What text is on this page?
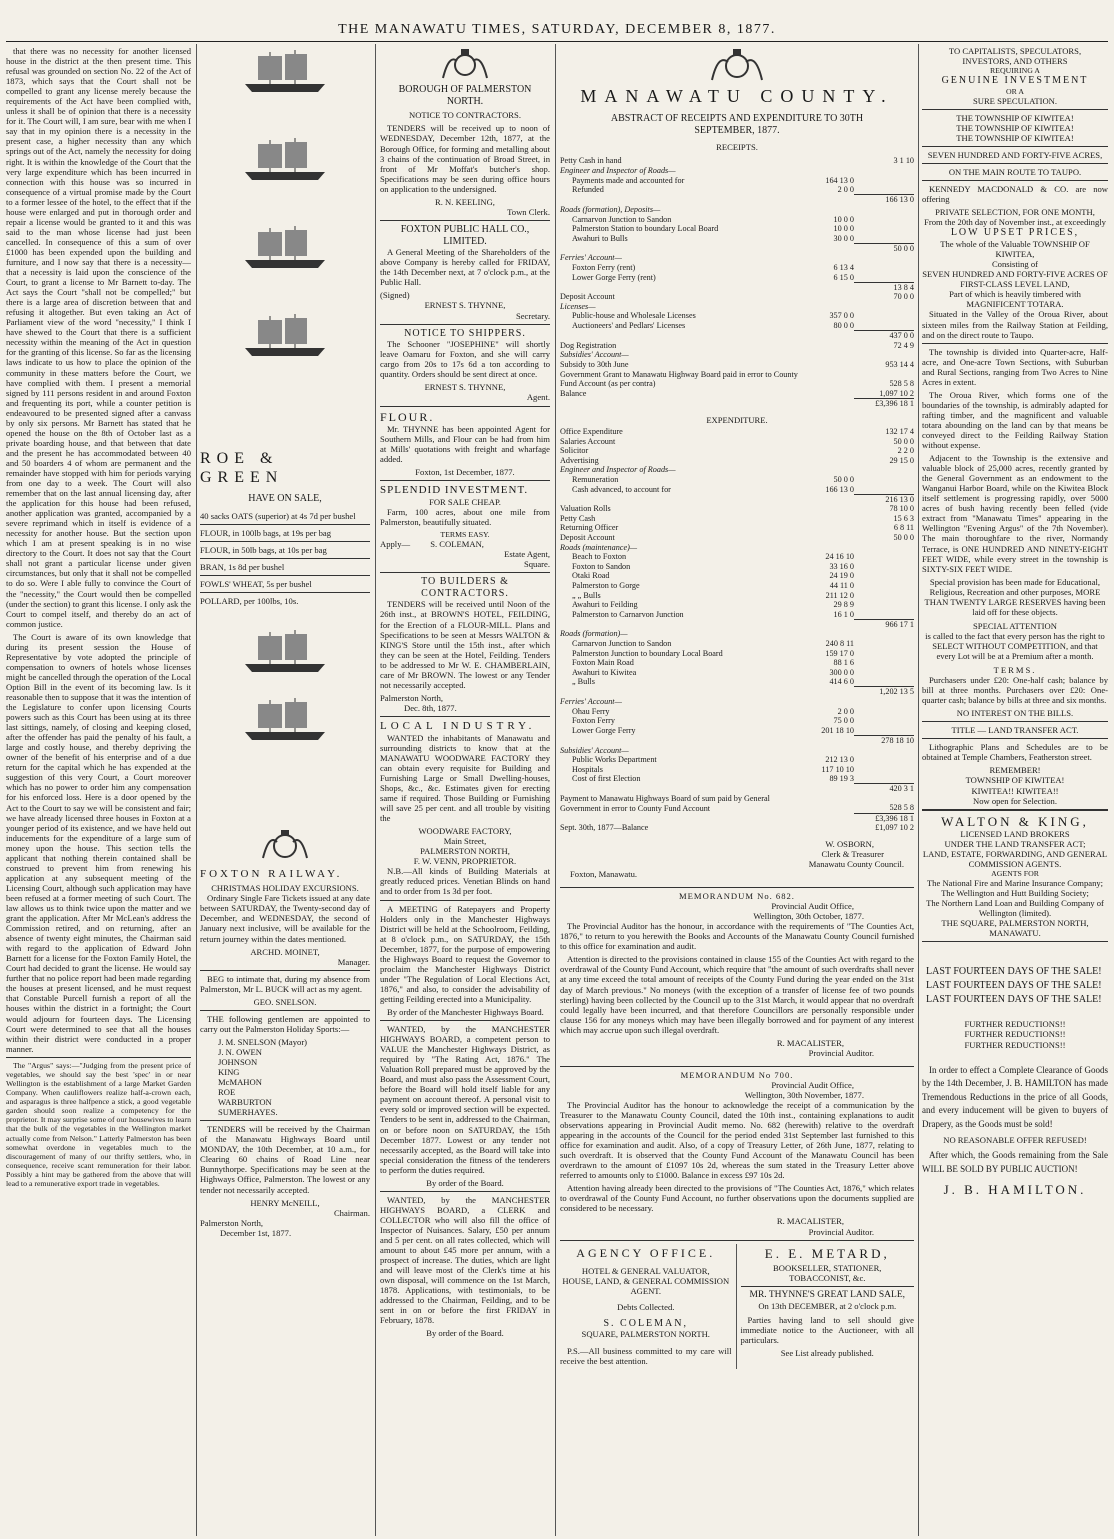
THE MANAWATU TIMES, SATURDAY, DECEMBER 8, 1877.

that there was no necessity for another licensed house in the district at the then present time. This refusal was grounded on section No. 22 of the Act of 1873, which says that the Court shall not be compelled to grant any license merely because the requirements of the Act have been complied with, unless it shall be of opinion that there is a necessity for it. The Court will, I am sure, bear with me when I say that in my opinion there is a necessity in the present case, a higher necessity than any which springs out of the Act, namely the necessity for doing right. It is within the knowledge of the Court that the very large expenditure which has been incurred in connection with this house was so incurred in consequence of a virtual promise made by the Court to a former lessee of the hotel, to the effect that if the house were enlarged and put in thorough order and repair a license would be granted to it and this was said to the man whose license had just been cancelled. In consequence of this a sum of over £1000 has been expended upon the building and furniture, and I now say that there is a necessity—that a necessity is laid upon the conscience of the Court, to grant a license to Mr Barnett to-day. The Act says the Court "shall not be compelled;" but there is a large area of discretion between that and refusing it altogether. But even taking an Act of Parliament view of the word "necessity," I think I have shewed to the Court that there is a sufficient necessity within the meaning of the Act in question for the granting of this license. So far as the licensing laws indicate to us how to place the opinion of the community in these matters before the Court, we have complied with them. I present a memorial signed by 111 persons resident in and around Foxton and frequenting its port, while a counter petition is endeavoured to be presented signed after a canvass by only six persons. Mr Barnett has stated that he opened the house on the 8th of October last as a private boarding house, and that between that date and the present he has accommodated between 40 and 50 boarders 4 of whom are permanent and the remainder have stopped with him for periods varying from one day to a week. The Court will also remember that on the last annual licensing day, after the application for this house had been refused, another application was granted, accompanied by a severe reprimand which in itself is evidence of a necessity for another house. But the section upon which I am at present speaking is in no wise directory to the Court. It does not say that the Court shall not grant a particular license under given circumstances, but only that it shall not be compelled to do so. Were I able fully to convince the Court of the "necessity," the Court would then be compelled (under the section) to grant this license. I only ask the Court to compel itself, and thereby do an act of common justice.

The Court is aware of its own knowledge that during its present session the House of Representative by vote adopted the principle of compensation to owners of hotels whose licenses might be cancelled through the operation of the Local Option Bill in the event of its becoming law. Is it reasonable then to suppose that it was the intention of the Legislature to confer upon licensing Courts powers such as this Court has been using at its three last sittings, namely, of closing and keeping closed, after the offender has paid the penalty of his fault, a large and costly house, and thereby depriving the owner of the benefit of his enterprise and of a due return for the capital which he has expended at the suggestion of this very Court, a Court moreover which has no power to order him any compensation for his enforced loss. Here is a door opened by the Act to the Court to say we will be consistent and fair; we have already licensed three houses in Foxton at a younger period of its existence, and we have held out inducements for the expenditure of a large sum of money upon the house. This section tells the applicant that nothing therein contained shall be construed to prevent him from renewing his application at any subsequent meeting of the Licensing Court, although such application may have been refused at a former meeting of such Court. The law allows us to think twice upon the matter and we grant the application. After Mr McLean's address the Commission retired, and on returning, after an absence of twenty eight minutes, the Chairman said with regard to the application of Edward John Barnett for a license for the Foxton Family Hotel, the Court had decided to grant the license. He would say further that no police report had been made regarding the houses at present licensed, and he must request that Constable Purcell furnish a report of all the houses within the district in a fortnight; the Court would adjourn for fourteen days. The Licensing Court were determined to see that all the houses within their district were conducted in a proper manner.

The "Argus" says:—"Judging from the present price of vegetables, we should say the best 'spec' in or near Wellington is the establishment of a large Market Garden Company. When cauliflowers realize half-a-crown each, and asparagus is three halfpence a stick, a good vegetable garden should soon realize a competency for the proprietor. It may surprise some of our housewives to learn that the bulk of the vegetables in the Wellington market actually come from Nelson." Latterly Palmerston has been somewhat overdone in vegetables much to the discouragement of many of our thrifty settlers, who, in consequence, receive scant remuneration for their labor. Possibly a hint may be gathered from the above that will lead to a remunerative export trade in vegetables.

ROE & GREEN
HAVE ON SALE,
40 sacks OATS (superior) at 4s 7d per bushel
FLOUR, in 100lb bags, at 19s per bag
FLOUR, in 50lb bags, at 10s per bag
BRAN, 1s 8d per bushel
FOWLS' WHEAT, 5s per bushel
POLLARD, per 100lbs, 10s.
FOXTON RAILWAY.
CHRISTMAS HOLIDAY EXCURSIONS.

Ordinary Single Fare Tickets issued at any date between SATURDAY, the Twenty-second day of December, and WEDNESDAY, the second of January next inclusive, will be available for the return journey within the dates mentioned.

ARCHD. MOINET,
Manager.

BEG to intimate that, during my absence from Palmerston, Mr L. BUCK will act as my agent.

GEO. SNELSON.

THE following gentlemen are appointed to carry out the Palmerston Holiday Sports:—

J. M. SNELSON (Mayor)
J. N. OWEN
JOHNSON
KING
McMAHON
ROE
WARBURTON
SUMERHAYES.

TENDERS will be received by the Chairman of the Manawatu Highways Board until MONDAY, the 10th December, at 10 a.m., for Clearing 60 chains of Road Line near Bunnythorpe. Specifications may be seen at the Highways Office, Palmerston. The lowest or any tender not necessarily accepted.

HENRY McNEILL,
Chairman.
Palmerston North,
December 1st, 1877.
BOROUGH OF PALMERSTON NORTH.
NOTICE TO CONTRACTORS.

TENDERS will be received up to noon of WEDNESDAY, December 12th, 1877, at the Borough Office, for forming and metalling about 3 chains of the continuation of Broad Street, in front of Mr Moffat's butcher's shop. Specifications may be seen during office hours on application to the undersigned.

R. N. KEELING,
Town Clerk.
FOXTON PUBLIC HALL CO., LIMITED.

A General Meeting of the Shareholders of the above Company is hereby called for FRIDAY, the 14th December next, at 7 o'clock p.m., at the Public Hall.

(Signed)
ERNEST S. THYNNE,
Secretary.
NOTICE TO SHIPPERS.

The Schooner "JOSEPHINE" will shortly leave Oamaru for Foxton, and she will carry cargo from 20s to 17s 6d a ton according to quantity. Orders should be sent direct at once.

ERNEST S. THYNNE,
Agent.
FLOUR.

Mr. THYNNE has been appointed Agent for Southern Mills, and Flour can be had from him at Mills' quotations with freight and wharfage added.

Foxton, 1st December, 1877.
SPLENDID INVESTMENT.
FOR SALE CHEAP.

Farm, 100 acres, about one mile from Palmerston, beautifully situated.

TERMS EASY.
Apply— S. COLEMAN,
Estate Agent,
Square.
TO BUILDERS & CONTRACTORS.

TENDERS will be received until Noon of the 26th inst., at BROWN'S HOTEL, FEILDING, for the Erection of a FLOUR-MILL. Plans and Specifications to be seen at Messrs WALTON & KING'S Store until the 15th inst., after which they can be seen at the Hotel, Feilding. Tenders to be addressed to Mr W. E. CHAMBERLAIN, care of Mr BROWN. The lowest or any Tender not necessarily accepted.

Palmerston North,
Dec. 8th, 1877.
LOCAL INDUSTRY.

WANTED the inhabitants of Manawatu and surrounding districts to know that at the MANAWATU WOODWARE FACTORY they can obtain every requisite for Building and Furnishing Large or Small Dwelling-houses, Shops, &c., &c. Estimates given for erecting same if required. Those Building or Furnishing will save 25 per cent. and all trouble by visiting the

WOODWARE FACTORY,
Main Street,
PALMERSTON NORTH,
F. W. VENN, PROPRIETOR.

N.B.—All kinds of Building Materials at greatly reduced prices. Venetian Blinds on hand and to order from 1s 3d per foot.

A MEETING of Ratepayers and Property Holders only in the Manchester Highways District will be held at the Schoolroom, Feilding, at 8 o'clock p.m., on SATURDAY, the 15th December, 1877, for the purpose of empowering the Highways Board to request the Governor to proclaim the Manchester Highways District under "The Regulation of Local Elections Act, 1876," and also, to consider the advisability of getting Feilding erected into a Municipality.

By order of the Manchester Highways Board.

WANTED, by the MANCHESTER HIGHWAYS BOARD, a competent person to VALUE the Manchester Highways District, as required by "The Rating Act, 1876." The Valuation Roll prepared must be approved by the Board, and must also pass the Assessment Court, before the Board will hold itself liable for any payment on account thereof. A personal visit to every sold or improved section will be expected. Tenders to be sent in, addressed to the Chairman, on or before noon on SATURDAY, the 15th December 1877. Lowest or any tender not necessarily accepted, as the Board will take into special consideration the fitness of the tenderers to perform the duties required.

By order of the Board.

WANTED, by the MANCHESTER HIGHWAYS BOARD, a CLERK and COLLECTOR who will also fill the office of Inspector of Nuisances. Salary, £50 per annum and 5 per cent. on all rates collected, which will amount to about £45 more per annum, with a prospect of increase. The duties, which are light and will leave most of the Clerk's time at his own disposal, will commence on the 1st March, 1878. Applications, with testimonials, to be addressed to the Chairman, Feilding, and to be sent in on or before the first FRIDAY in February, 1878.

By order of the Board.
MANAWATU COUNTY.
ABSTRACT OF RECEIPTS AND EXPENDITURE TO 30TH SEPTEMBER, 1877.
RECEIPTS.
Petty Cash in hand		3 1 10
Engineer and Inspector of Roads—		
Payments made and accounted for	164 13 0	
Refunded	2 0 0	
		166 13 0
Roads (formation), Deposits—		
Carnarvon Junction to Sandon	10 0 0	
Palmerston Station to boundary Local Board	10 0 0	
Awahuri to Bulls	30 0 0	
		50 0 0
Ferries' Account—		
Foxton Ferry (rent)	6 13 4	
Lower Gorge Ferry (rent)	6 15 0	
		13 8 4
Deposit Account		70 0 0
Licenses—		
Public-house and Wholesale Licenses	357 0 0	
Auctioneers' and Pedlars' Licenses	80 0 0	
		437 0 0
Dog Registration		72 4 9
Subsidies' Account—		
Subsidy to 30th June		953 14 4
Government Grant to Manawatu Highway Board paid in error to County Fund Account (as per contra)		528 5 8
Balance		1,097 10 2
		£3,396 18 1
EXPENDITURE.
Office Expenditure		132 17 4
Salaries Account		50 0 0
Solicitor		2 2 0
Advertising		29 15 0
Engineer and Inspector of Roads—		
Remuneration	50 0 0	
Cash advanced, to account for	166 13 0	
		216 13 0
Valuation Rolls		78 10 0
Petty Cash		15 6 3
Returning Officer		6 8 11
Deposit Account		50 0 0
Roads (maintenance)—		
Beach to Foxton	24 16 10	
Foxton to Sandon	33 16 0	
Otaki Road	24 19 0	
Palmerston to Gorge	44 11 0	
„ „ Bulls	211 12 0	
Awahuri to Feilding	29 8 9	
Palmerston to Carnarvon Junction	16 1 0	
		966 17 1
Roads (formation)—		
Carnarvon Junction to Sandon	240 8 11	
Palmerston Junction to boundary Local Board	159 17 0	
Foxton Main Road	88 1 6	
Awahuri to Kiwitea	300 0 0	
„ Bulls	414 6 0	
		1,202 13 5
Ferries' Account—		
Ohau Ferry	2 0 0	
Foxton Ferry	75 0 0	
Lower Gorge Ferry	201 18 10	
		278 18 10
Subsidies' Account—		
Public Works Department	212 13 0	
Hospitals	117 10 10	
Cost of first Election	89 19 3	
		420 3 1
Payment to Manawatu Highways Board of sum paid by General Government in error to County Fund Account		528 5 8
		£3,396 18 1
Sept. 30th, 1877—Balance		£1,097 10 2
W. OSBORN,
Clerk & Treasurer
Manawatu County Council.
Foxton, Manawatu.
MEMORANDUM No. 682.
Provincial Audit Office,
Wellington, 30th October, 1877.

The Provincial Auditor has the honour, in accordance with the requirements of "The Counties Act, 1876," to return to you herewith the Books and Accounts of the Manawatu County Council furnished to this office for examination and audit.

Attention is directed to the provisions contained in clause 155 of the Counties Act with regard to the overdrawal of the County Fund Account, which require that "the amount of such overdrafts shall never at any time exceed the total amount of receipts of the County Fund during the year ended on the 31st day of March previous." No moneys (with the exception of a transfer of license fee of two pounds sterling) having been collected by the Council up to the 31st March, it would appear that no overdraft could legally have been incurred, and that therefore Councillors are personally responsible under clause 156 for any moneys which may have been illegally borrowed and for payment of any interest which may accrue upon such illegal overdraft.

R. MACALISTER,
Provincial Auditor.
MEMORANDUM No 700.
Provincial Audit Office,
Wellington, 30th November, 1877.

The Provincial Auditor has the honour to acknowledge the receipt of a communication by the Treasurer to the Manawatu County Council, dated the 10th inst., containing explanations to audit observations appearing in Provincial Audit memo. No. 682 (herewith) relative to the overdraft appearing in the accounts of the Council for the period ended 31st September last furnished to this office for examination and audit. Also, of a copy of Treasury Letter, of 26th June, 1877, relating to such overdraft. It is observed that the County Fund Account of the Manawatu Council has been overdrawn to the amount of £1097 10s 2d, whereas the sum stated in the Treasury Letter above referred to amounts only to £1000. Balance in excess £97 10s 2d.

Attention having already been directed to the provisions of "The Counties Act, 1876," which relates to overdrawal of the County Fund Account, no further observations upon the documents supplied are considered to be necessary.

R. MACALISTER,
Provincial Auditor.
AGENCY OFFICE.
HOTEL & GENERAL VALUATOR,
HOUSE, LAND, & GENERAL COMMISSION AGENT.
Debts Collected.
S. COLEMAN,
SQUARE, PALMERSTON NORTH.

P.S.—All business committed to my care will receive the best attention.

E. E. METARD,
BOOKSELLER, STATIONER,
TOBACCONIST, &c.
MR. THYNNE'S GREAT LAND SALE,
On 13th DECEMBER, at 2 o'clock p.m.

Parties having land to sell should give immediate notice to the Auctioneer, with all particulars.

See List already published.
TO CAPITALISTS, SPECULATORS,
INVESTORS, AND OTHERS
REQUIRING A
GENUINE INVESTMENT
OR A
SURE SPECULATION.
THE TOWNSHIP OF KIWITEA!
THE TOWNSHIP OF KIWITEA!
THE TOWNSHIP OF KIWITEA!
SEVEN HUNDRED AND FORTY-FIVE ACRES,
ON THE MAIN ROUTE TO TAUPO.

KENNEDY MACDONALD & CO. are now offering

PRIVATE SELECTION, FOR ONE MONTH,
From the 20th day of November inst., at exceedingly
LOW UPSET PRICES,
The whole of the Valuable TOWNSHIP OF KIWITEA,
Consisting of
SEVEN HUNDRED AND FORTY-FIVE ACRES OF
FIRST-CLASS LEVEL LAND,
Part of which is heavily timbered with MAGNIFICENT TOTARA.

Situated in the Valley of the Oroua River, about sixteen miles from the Railway Station at Feilding, and on the direct route to Taupo.

The township is divided into Quarter-acre, Half-acre, and One-acre Town Sections, with Suburban and Rural Sections, ranging from Two Acres to Nine Acres in extent.

The Oroua River, which forms one of the boundaries of the township, is admirably adapted for rafting timber, and the magnificent and valuable totara abounding on the land can by that means be conveyed direct to the Feilding Railway Station without expense.

Adjacent to the Township is the extensive and valuable block of 25,000 acres, recently granted by the General Government as an endowment to the Wanganui Harbor Board, while on the Kiwitea Block itself settlement is progressing rapidly, over 5000 acres of bush having recently been felled (vide extract from "Manawatu Times" appearing in the Wellington "Evening Argus" of the 7th November). The main thoroughfare to the river, Normandy Terrace, is ONE HUNDRED AND NINETY-EIGHT FEET WIDE, while every street in the township is SIXTY-SIX FEET WIDE.

Special provision has been made for Educational, Religious, Recreation and other purposes, MORE THAN TWENTY LARGE RESERVES having been laid off for these objects.
SPECIAL ATTENTION
is called to the fact that every person has the right to SELECT WITHOUT COMPETITION, and that every Lot will be at a Premium after a month.
TERMS.

Purchasers under £20: One-half cash; balance by bill at three months. Purchasers over £20: One-quarter cash; balance by bills at three and six months.

NO INTEREST ON THE BILLS.
TITLE — LAND TRANSFER ACT.

Lithographic Plans and Schedules are to be obtained at Temple Chambers, Featherston street.

REMEMBER!
TOWNSHIP OF KIWITEA!
KIWITEA!! KIWITEA!!
Now open for Selection.
WALTON & KING,
LICENSED LAND BROKERS
UNDER THE LAND TRANSFER ACT;
LAND, ESTATE, FORWARDING, AND GENERAL COMMISSION AGENTS.
AGENTS FOR
The National Fire and Marine Insurance Company;
The Wellington and Hutt Building Society;
The Northern Land Loan and Building Company of Wellington (limited).
THE SQUARE, PALMERSTON NORTH, MANAWATU.
LAST FOURTEEN DAYS OF THE SALE!
LAST FOURTEEN DAYS OF THE SALE!
LAST FOURTEEN DAYS OF THE SALE!
FURTHER REDUCTIONS!!
FURTHER REDUCTIONS!!
FURTHER REDUCTIONS!!

In order to effect a Complete Clearance of Goods by the 14th December, J. B. HAMILTON has made Tremendous Reductions in the price of all Goods, and every inducement will be given to buyers of Drapery, as the Goods must be sold!

NO REASONABLE OFFER REFUSED!

After which, the Goods remaining from the Sale WILL BE SOLD BY PUBLIC AUCTION!

J. B. HAMILTON.
